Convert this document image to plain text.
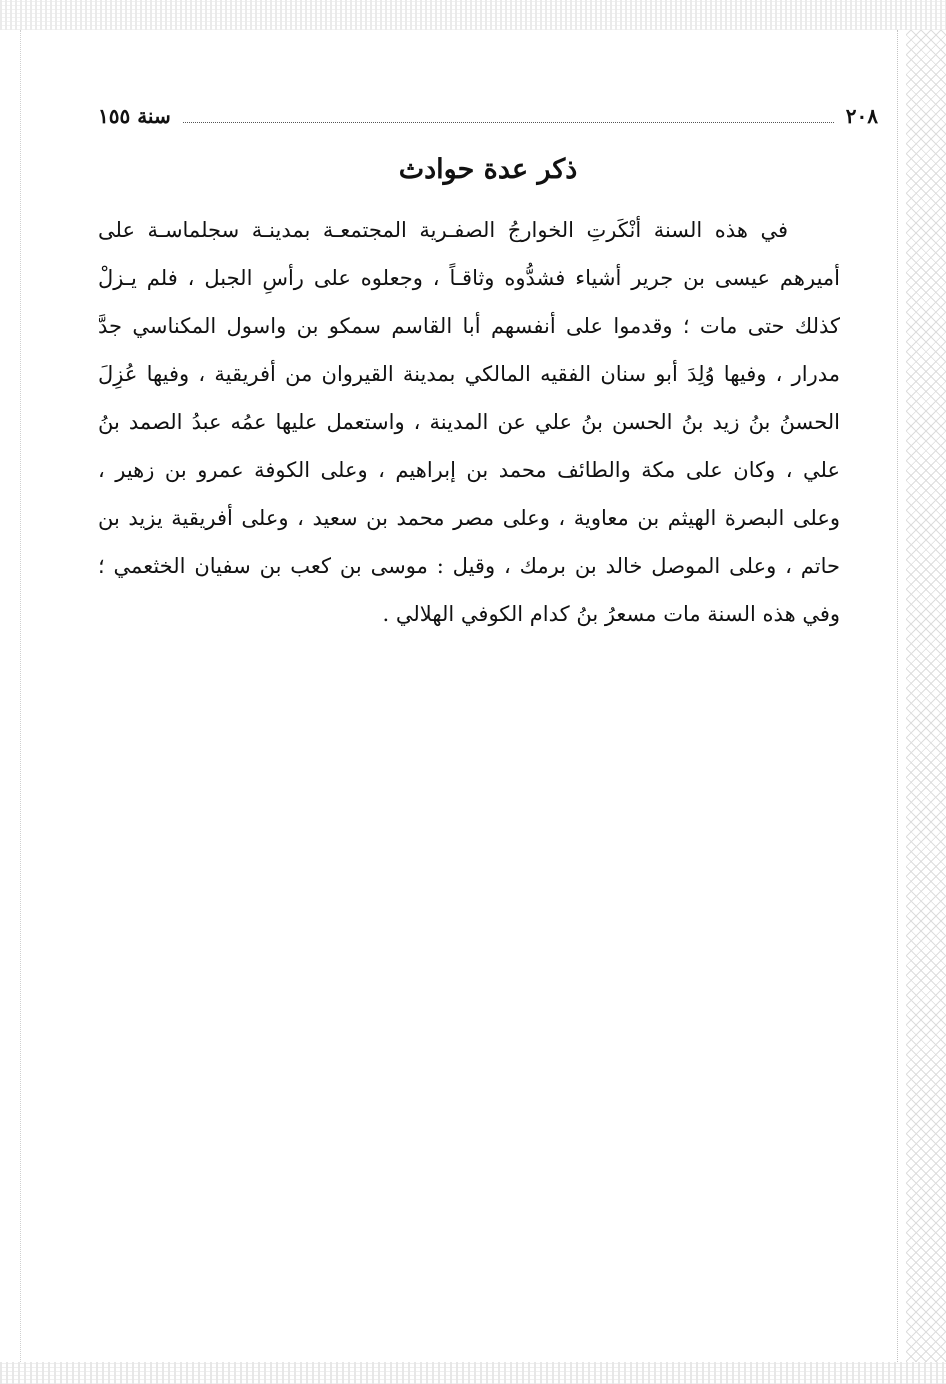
سنة ١٥٥	٢٠٨
ذكر عدة حوادث
في هذه السنة أنْكَرتِ الخوارجُ الصفـرية المجتمعـة بمدينـة سجلماسـة على
أميرهم عيسى بن جرير أشياء فشدُّوه وثاقـاً ، وجعلوه على رأسِ الجبل ، فلم يـزلْ
كذلك حتى مات ؛ وقدموا على أنفسهم أبا القاسم سمكو بن واسول المكناسي جدَّ
مدرار ، وفيها وُلِدَ أبو سنان الفقيه المالكي بمدينة القيروان من أفريقية ، وفيها عُزِلَ
الحسنُ بنُ زيد بنُ الحسن بنُ علي عن المدينة ، واستعمل عليها عمُه عبدُ الصمد بنُ
علي ، وكان على مكة والطائف محمد بن إبراهيم ، وعلى الكوفة عمرو بن زهير ،
وعلى البصرة الهيثم بن معاوية ، وعلى مصر محمد بن سعيد ، وعلى أفريقية يزيد بن
حاتم ، وعلى الموصل خالد بن برمك ، وقيل : موسى بن كعب بن سفيان الخثعمي ؛
وفي هذه السنة مات مسعرُ بنُ كدام الكوفي الهلالي .
